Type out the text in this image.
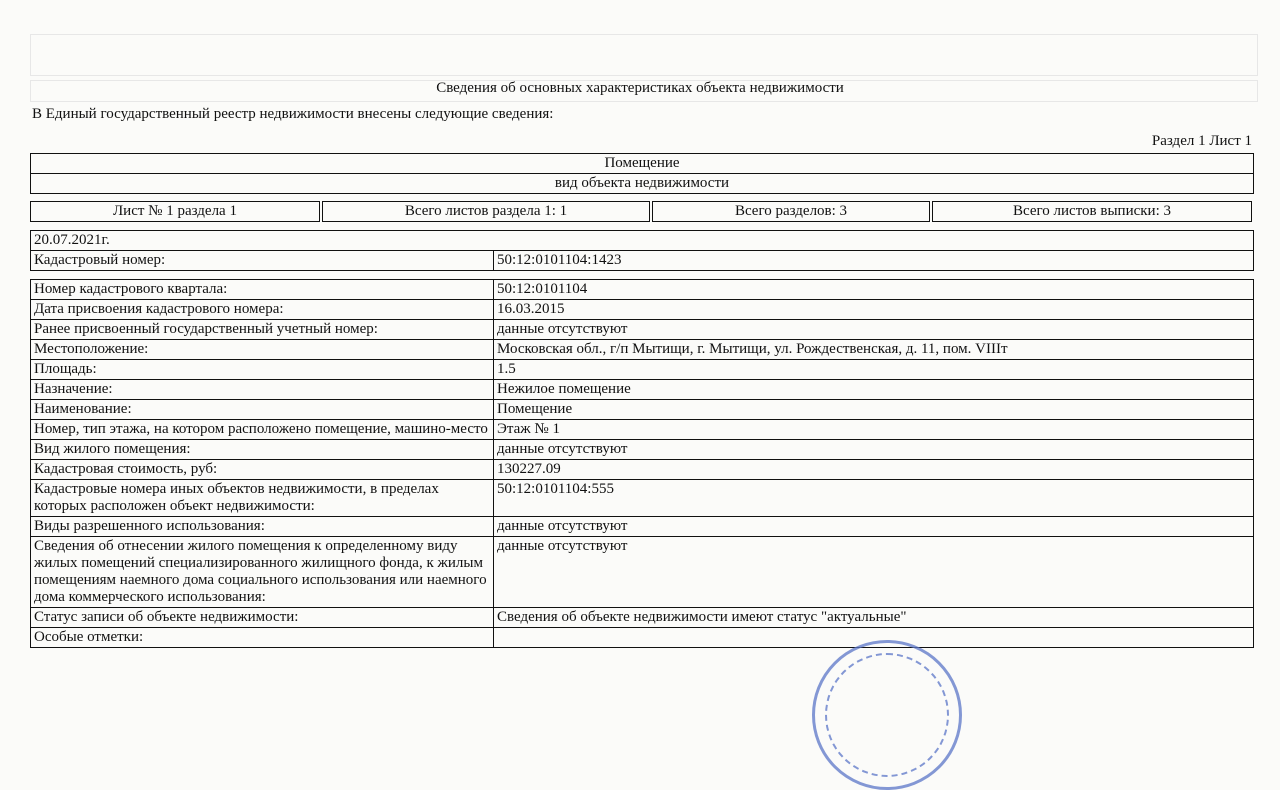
Сведения об основных характеристиках объекта недвижимости
В Единый государственный реестр недвижимости внесены следующие сведения:
Раздел 1 Лист 1
Помещение
вид объекта недвижимости
Лист № 1 раздела 1	Всего листов раздела 1: 1	Всего разделов: 3	Всего листов выписки: 3
20.07.2021г.
Кадастровый номер:	50:12:0101104:1423
Номер кадастрового квартала:	50:12:0101104
Дата присвоения кадастрового номера:	16.03.2015
Ранее присвоенный государственный учетный номер:	данные отсутствуют
Местоположение:	Московская обл., г/п Мытищи, г. Мытищи, ул. Рождественская, д. 11, пом. VIIIт
Площадь:	1.5
Назначение:	Нежилое помещение
Наименование:	Помещение
Номер, тип этажа, на котором расположено помещение, машино-место	Этаж № 1
Вид жилого помещения:	данные отсутствуют
Кадастровая стоимость, руб:	130227.09
Кадастровые номера иных объектов недвижимости, в пределах которых расположен объект недвижимости:	50:12:0101104:555
Виды разрешенного использования:	данные отсутствуют
Сведения об отнесении жилого помещения к определенному виду жилых помещений специализированного жилищного фонда, к жилым помещениям наемного дома социального использования или наемного дома коммерческого использования:	данные отсутствуют
Статус записи об объекте недвижимости:	Сведения об объекте недвижимости имеют статус "актуальные"
Особые отметки:	
